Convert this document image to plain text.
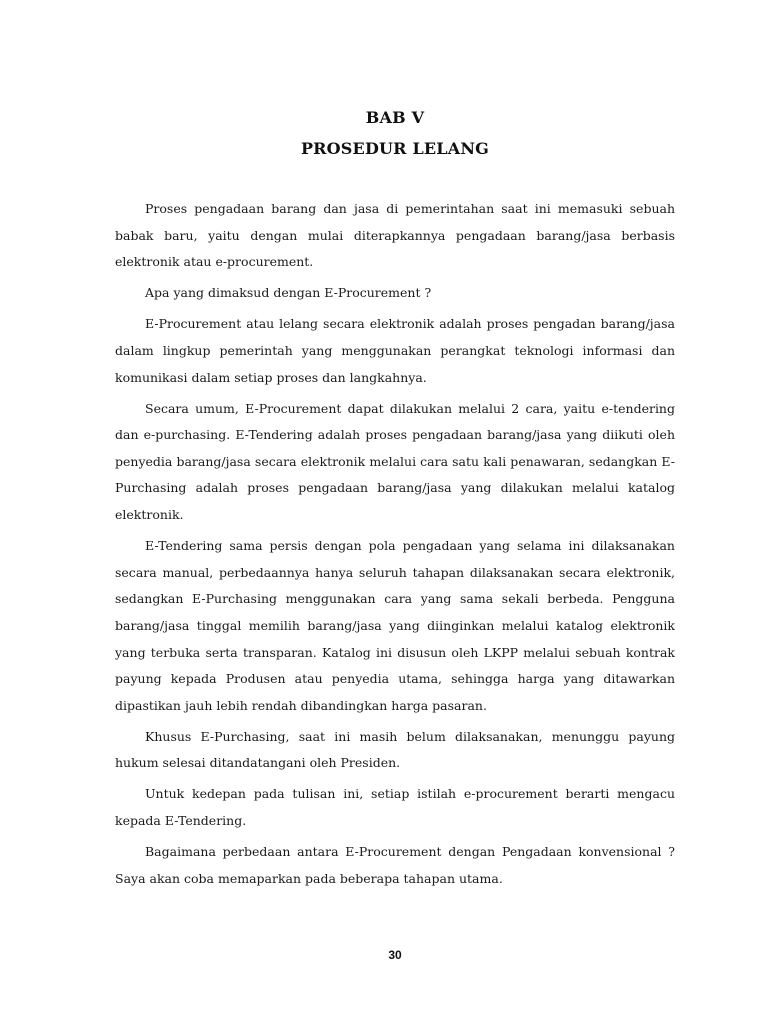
BAB V
PROSEDUR LELANG

Proses pengadaan barang dan jasa di pemerintahan saat ini memasuki sebuah babak baru, yaitu dengan mulai diterapkannya pengadaan barang/jasa berbasis elektronik atau e-procurement.

Apa yang dimaksud dengan E-Procurement ?

E-Procurement atau lelang secara elektronik adalah proses pengadan barang/jasa dalam lingkup pemerintah yang menggunakan perangkat teknologi informasi dan komunikasi dalam setiap proses dan langkahnya.

Secara umum, E-Procurement dapat dilakukan melalui 2 cara, yaitu e-tendering dan e-purchasing. E-Tendering adalah proses pengadaan barang/jasa yang diikuti oleh penyedia barang/jasa secara elektronik melalui cara satu kali penawaran, sedangkan E-Purchasing adalah proses pengadaan barang/jasa yang dilakukan melalui katalog elektronik.

E-Tendering sama persis dengan pola pengadaan yang selama ini dilaksanakan secara manual, perbedaannya hanya seluruh tahapan dilaksanakan secara elektronik, sedangkan E-Purchasing menggunakan cara yang sama sekali berbeda. Pengguna barang/jasa tinggal memilih barang/jasa yang diinginkan melalui katalog elektronik yang terbuka serta transparan. Katalog ini disusun oleh LKPP melalui sebuah kontrak payung kepada Produsen atau penyedia utama, sehingga harga yang ditawarkan dipastikan jauh lebih rendah dibandingkan harga pasaran.

Khusus E-Purchasing, saat ini masih belum dilaksanakan, menunggu payung hukum selesai ditandatangani oleh Presiden.

Untuk kedepan pada tulisan ini, setiap istilah e-procurement berarti mengacu kepada E-Tendering.

Bagaimana perbedaan antara E-Procurement dengan Pengadaan konvensional ? Saya akan coba memaparkan pada beberapa tahapan utama.

30
